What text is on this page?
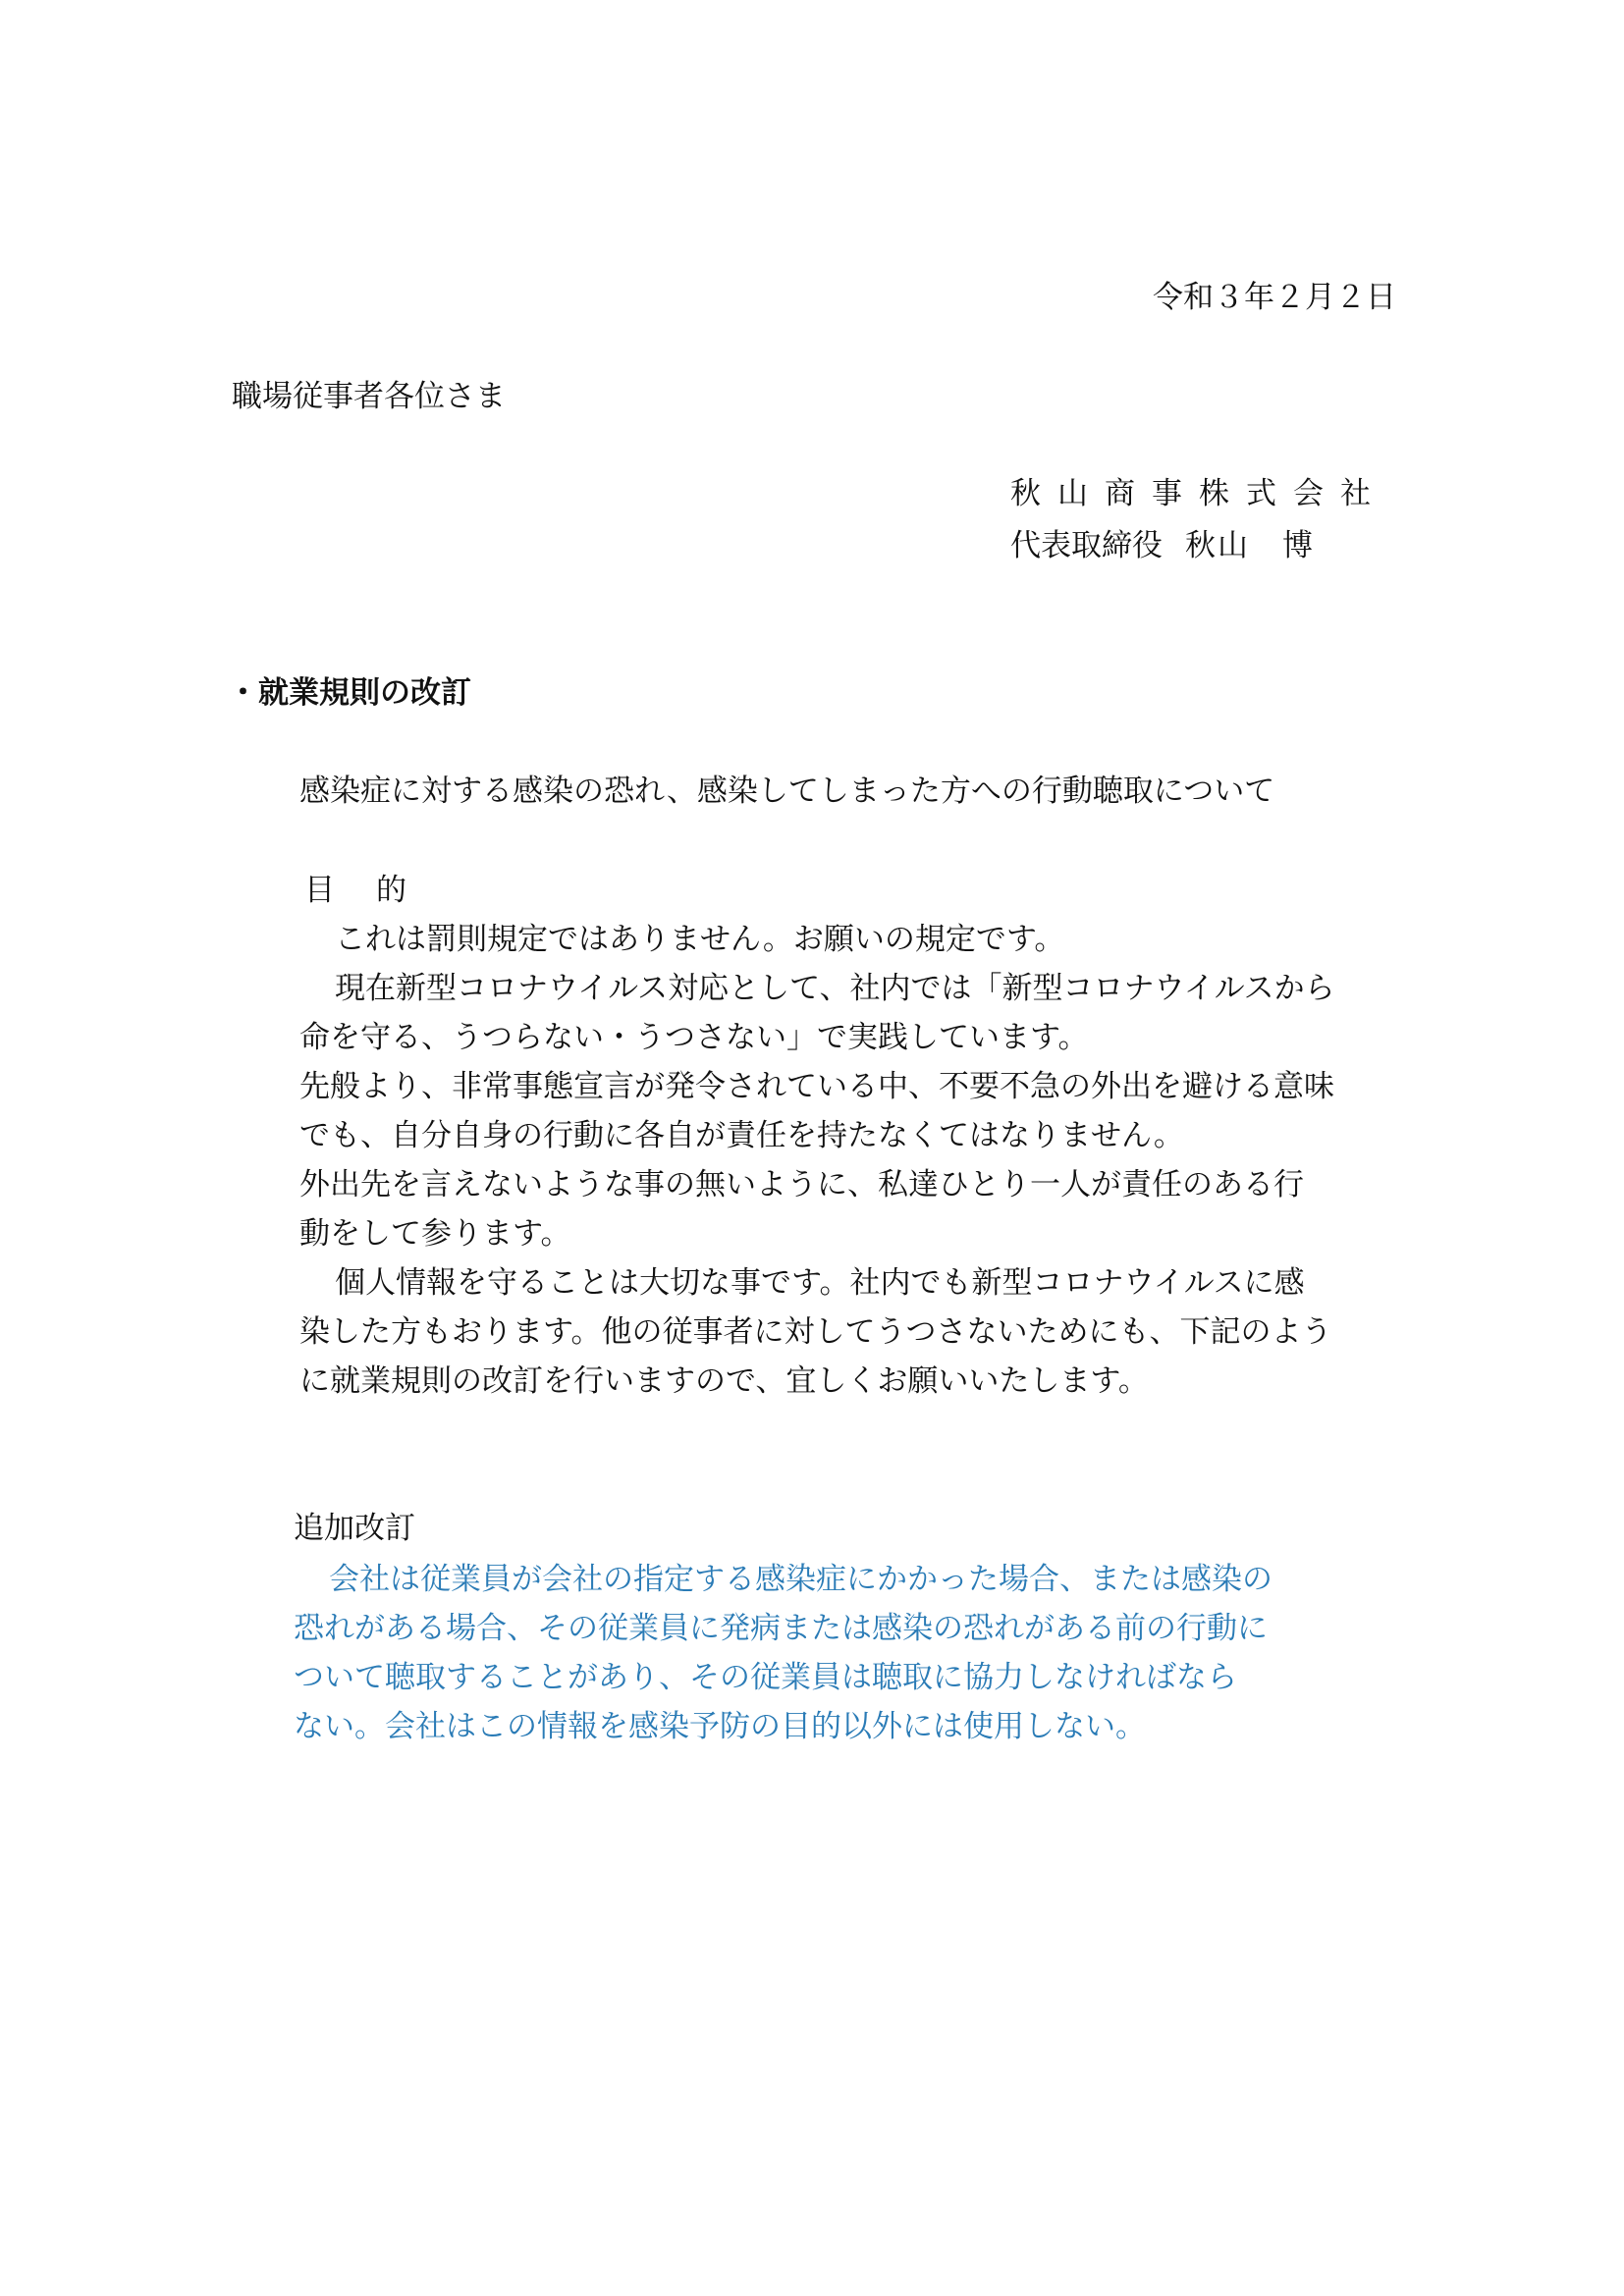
令和３年２月２日
職場従事者各位さま
秋山商事株式会社
代表取締役 秋山　博
・就業規則の改訂
感染症に対する感染の恐れ、感染してしまった方への行動聴取について
目 的
これは罰則規定ではありません。お願いの規定です。
現在新型コロナウイルス対応として、社内では「新型コロナウイルスから
命を守る、うつらない・うつさない」で実践しています。
先般より、非常事態宣言が発令されている中、不要不急の外出を避ける意味
でも、自分自身の行動に各自が責任を持たなくてはなりません。
外出先を言えないような事の無いように、私達ひとり一人が責任のある行
動をして参ります。
個人情報を守ることは大切な事です。社内でも新型コロナウイルスに感
染した方もおります。他の従事者に対してうつさないためにも、下記のよう
に就業規則の改訂を行いますので、宜しくお願いいたします。
追加改訂
会社は従業員が会社の指定する感染症にかかった場合、または感染の
恐れがある場合、その従業員に発病または感染の恐れがある前の行動に
ついて聴取することがあり、その従業員は聴取に協力しなければなら
ない。会社はこの情報を感染予防の目的以外には使用しない。
